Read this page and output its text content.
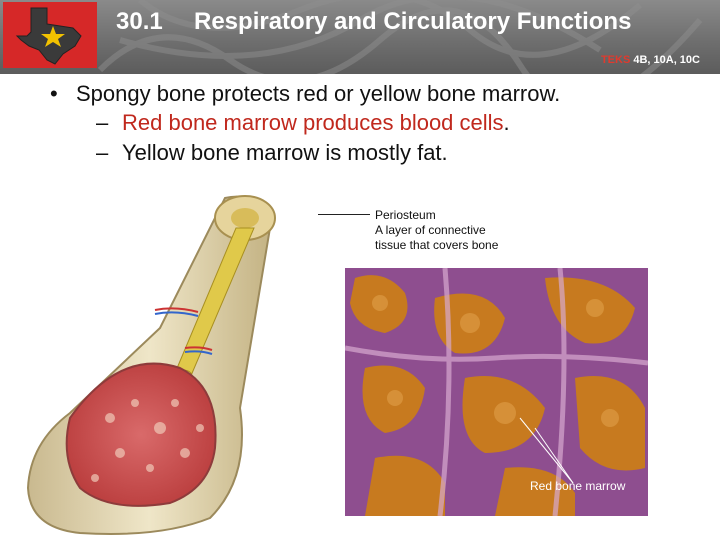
30.1 Respiratory and Circulatory Functions
TEKS 4B, 10A, 10C
• Spongy bone protects red or yellow bone marrow.
– Red bone marrow produces blood cells.
– Yellow bone marrow is mostly fat.
Periosteum
A layer of connective
tissue that covers bone
Red bone marrow
